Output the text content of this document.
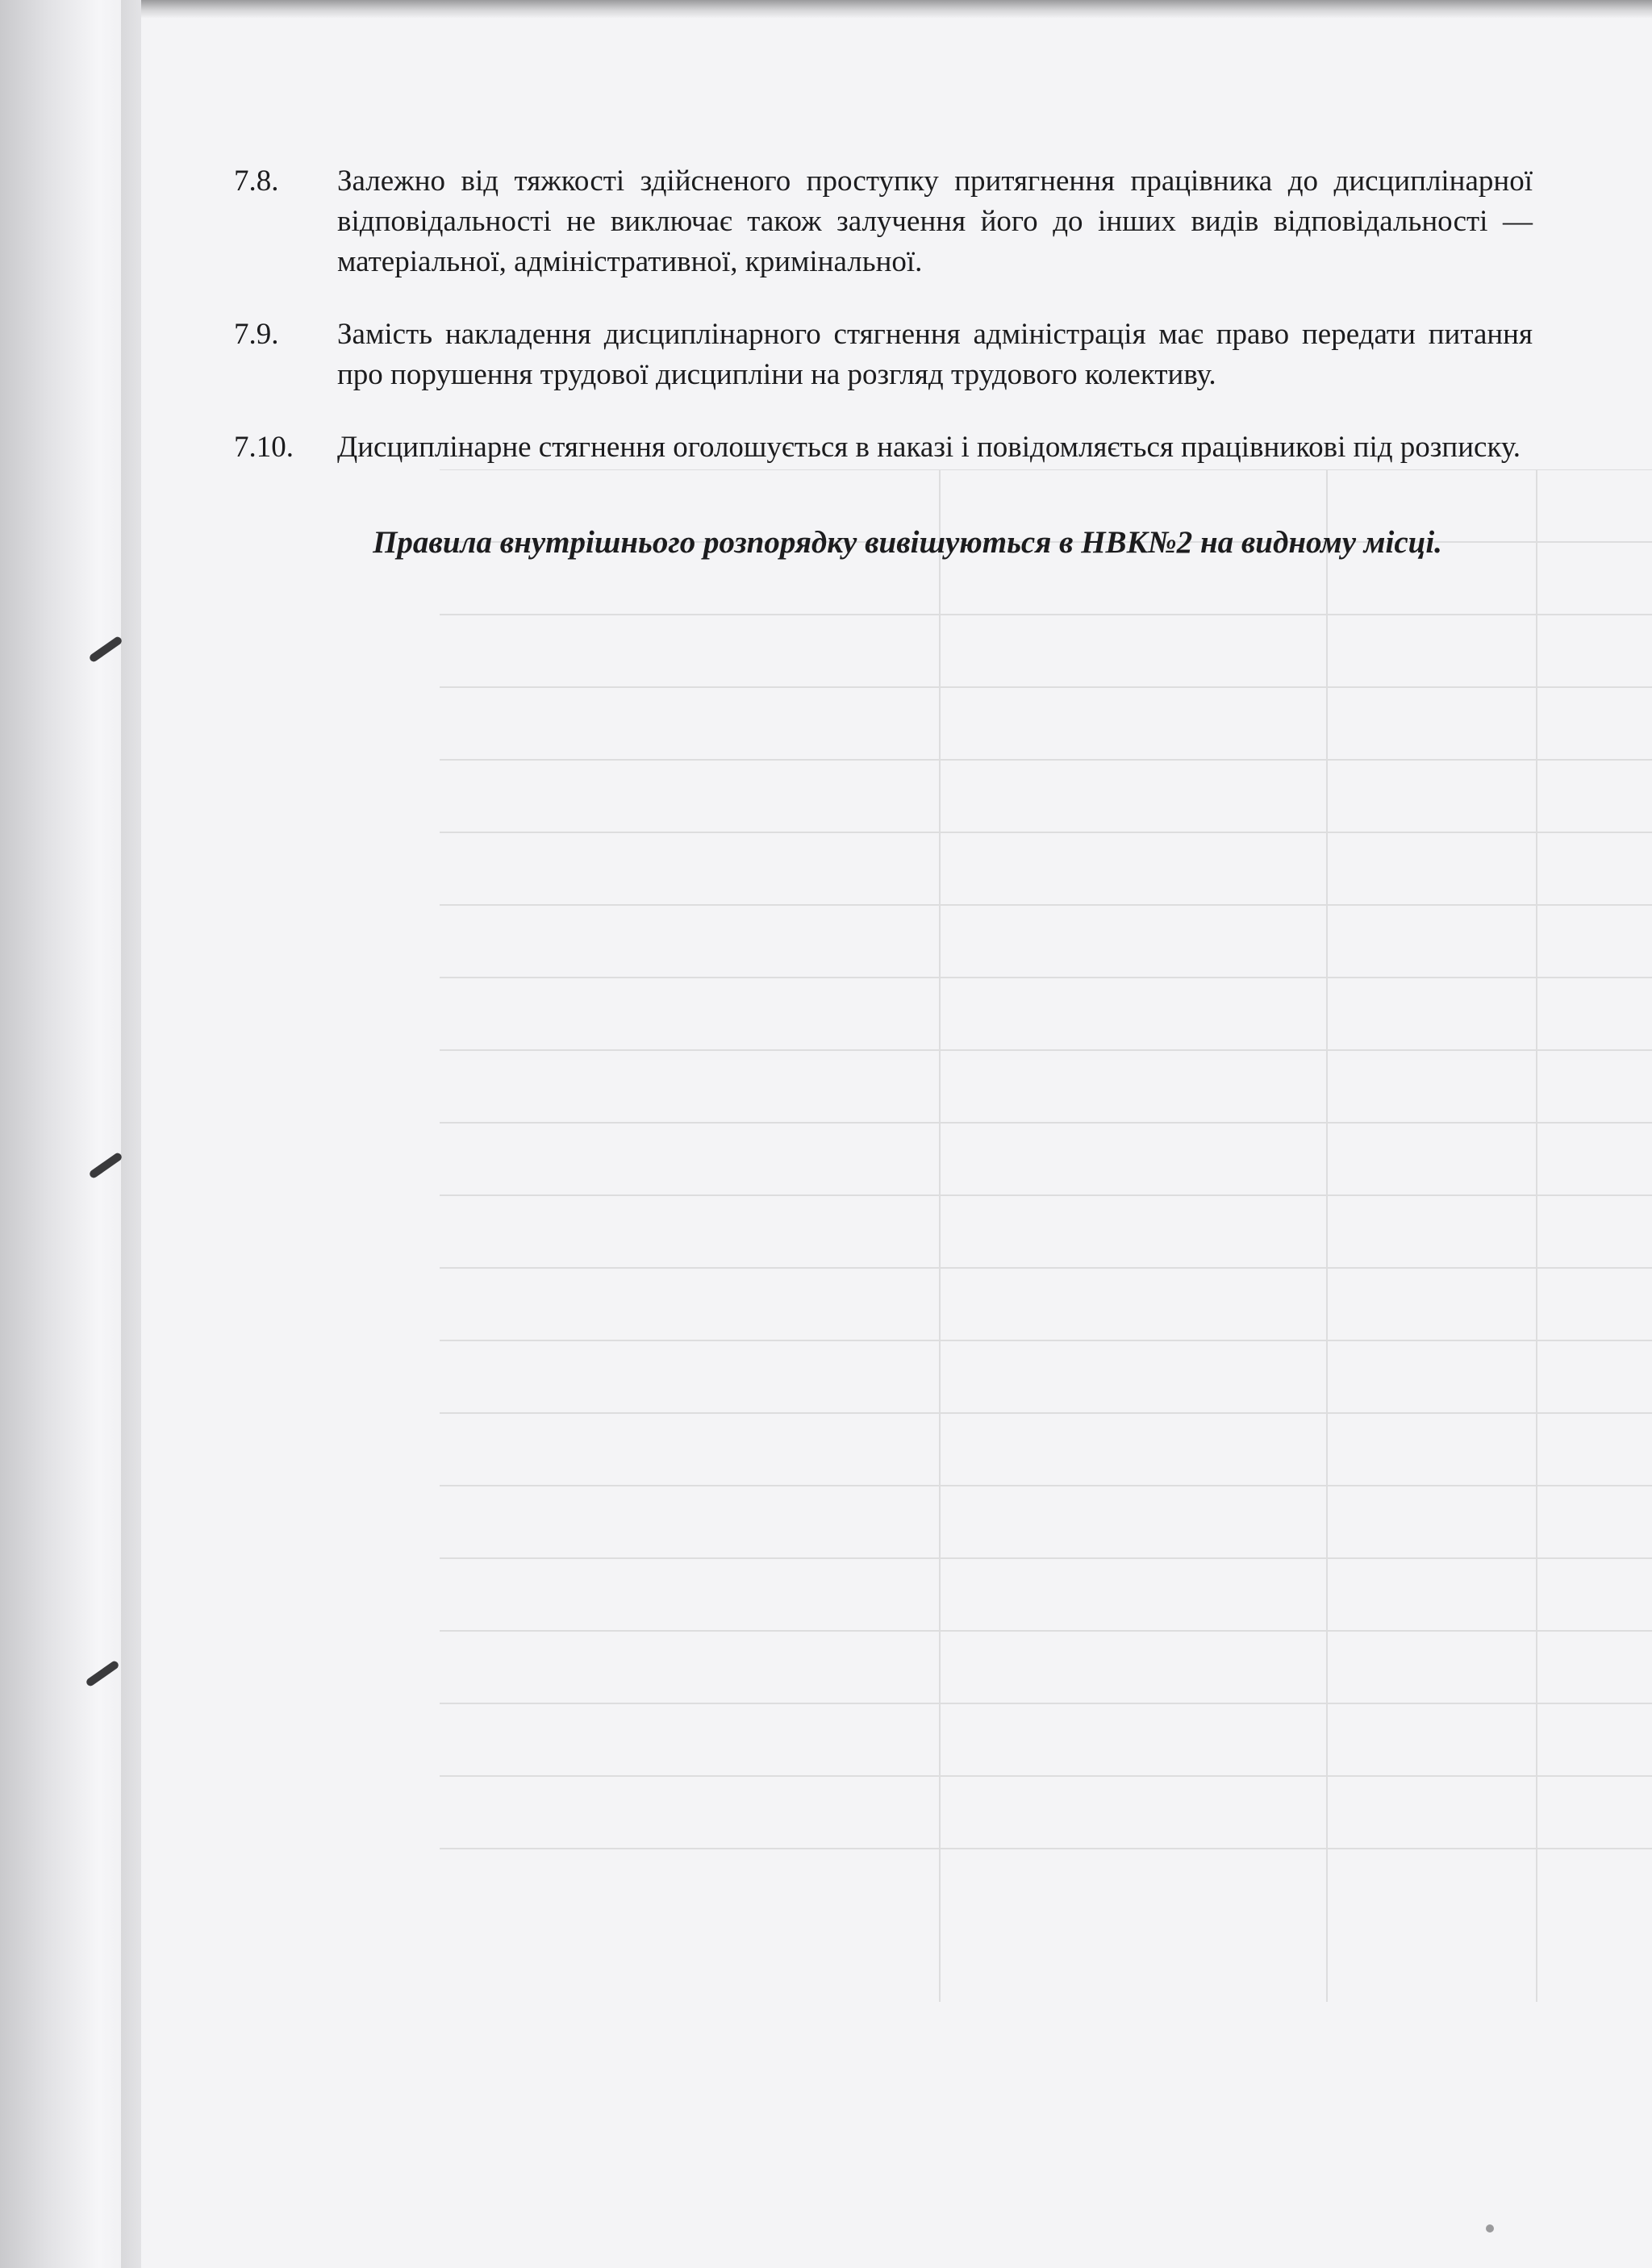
7.8.	Залежно від тяжкості здійсненого проступку притягнення працівника до дисциплінарної відповідальності не виключає також залучення його до інших видів відповідальності — матеріальної, адміністративної, кримінальної.
7.9.	Замість накладення дисциплінарного стягнення адміністрація має право передати питання про порушення трудової дисципліни на розгляд трудового колективу.
7.10.	Дисциплінарне стягнення оголошується в наказі і повідомляється працівникові під розписку.
Правила внутрішнього розпорядку вивішуються в НВК№2 на видному місці.
